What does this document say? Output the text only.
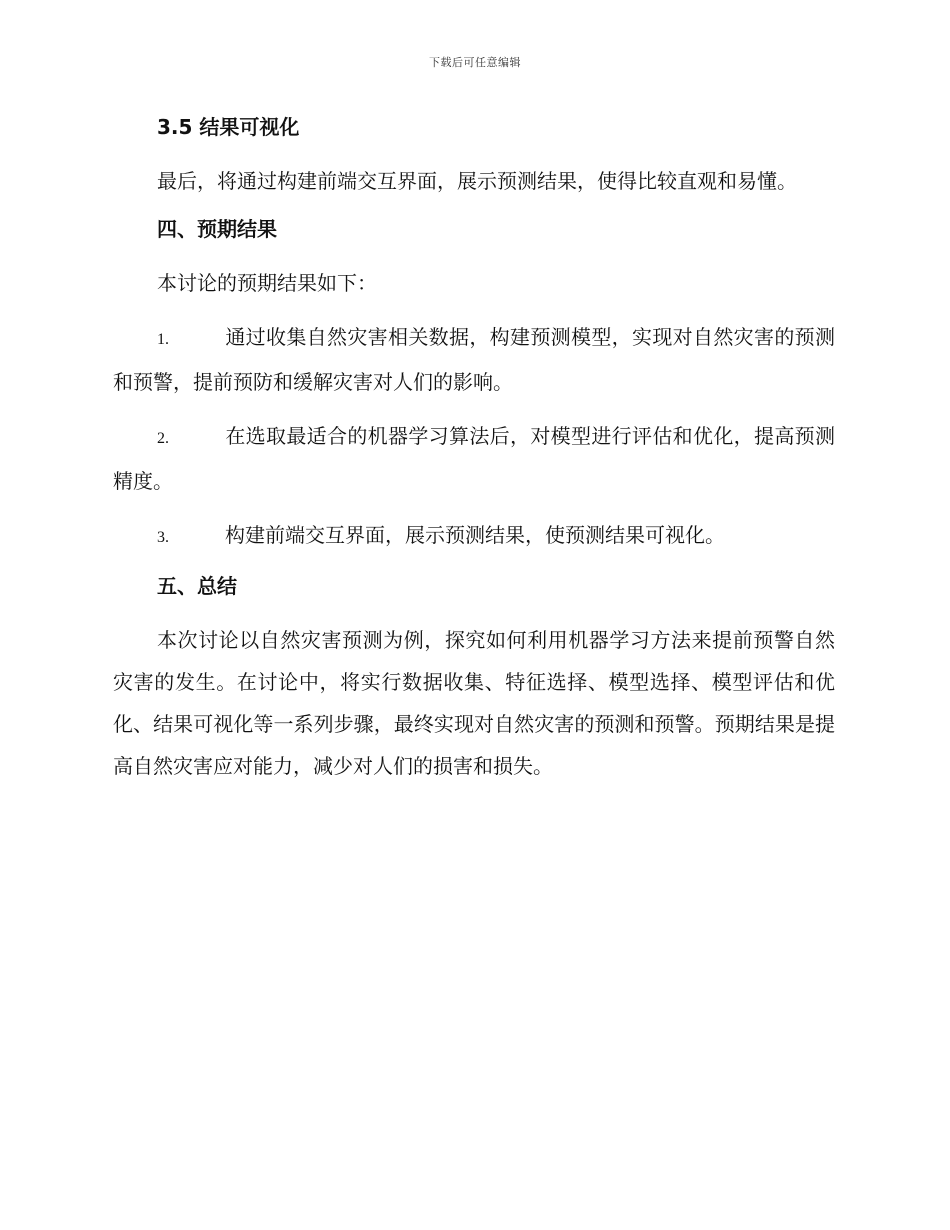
下载后可任意编辑
3.5 结果可视化
最后，将通过构建前端交互界面，展示预测结果，使得比较直观和易懂。
四、预期结果
本讨论的预期结果如下：
1.	通过收集自然灾害相关数据，构建预测模型，实现对自然灾害的预测和预警，提前预防和缓解灾害对人们的影响。
2.	在选取最适合的机器学习算法后，对模型进行评估和优化，提高预测精度。
3.	构建前端交互界面，展示预测结果，使预测结果可视化。
五、总结
本次讨论以自然灾害预测为例，探究如何利用机器学习方法来提前预警自然灾害的发生。在讨论中，将实行数据收集、特征选择、模型选择、模型评估和优化、结果可视化等一系列步骤，最终实现对自然灾害的预测和预警。预期结果是提高自然灾害应对能力，减少对人们的损害和损失。
